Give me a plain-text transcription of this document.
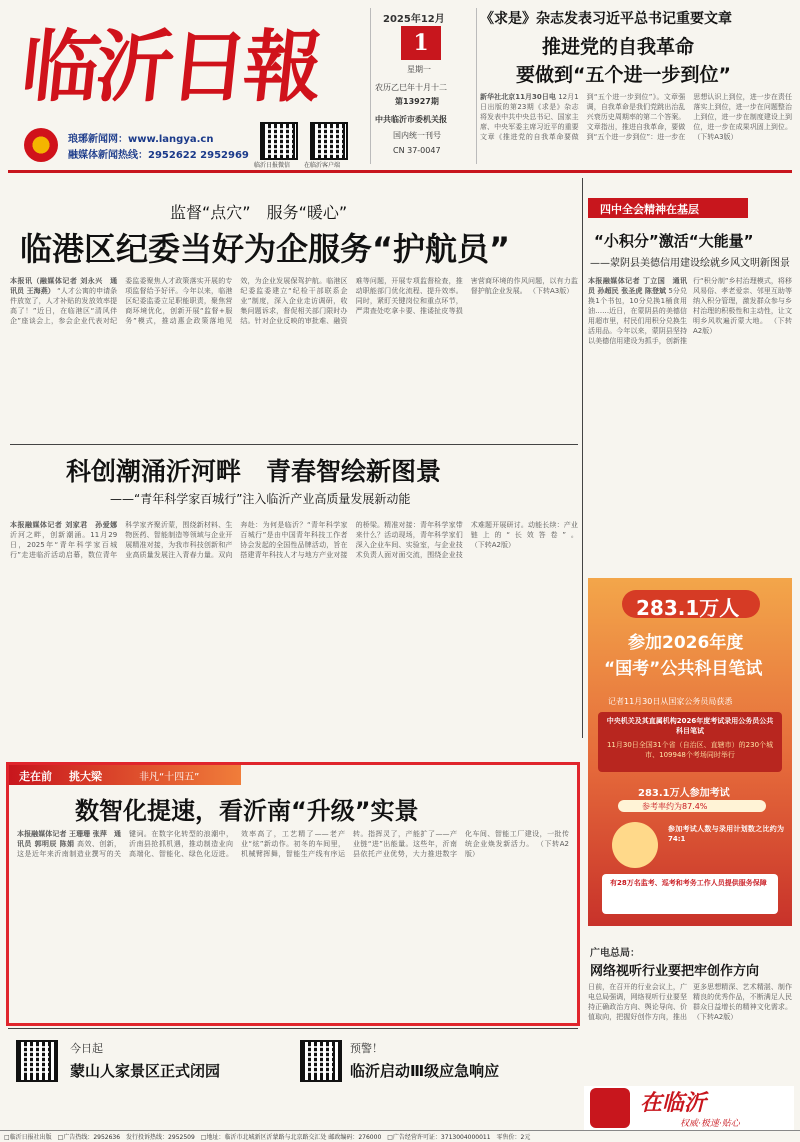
临沂日報
琅琊新闻网：www.langya.cn
融媒体新闻热线：2952622 2952969
临沂日报微信 在临沂客户端
2025年12月
1
星期一
农历乙巳年十月十二
第13927期
中共临沂市委机关报
国内统一刊号
CN 37-0047
《求是》杂志发表习近平总书记重要文章
推进党的自我革命
要做到“五个进一步到位”
新华社北京11月30日电 12月1日出版的第23期《求是》杂志将发表中共中央总书记、国家主席、中央军委主席习近平的重要文章《推进党的自我革命要做到“五个进一步到位”》。文章强调，自我革命是我们党跳出治乱兴衰历史周期率的第二个答案。文章指出，推进自我革命，要做到“五个进一步到位”：进一步在思想认识上到位，进一步在责任落实上到位，进一步在问题整治上到位，进一步在制度建设上到位，进一步在成果巩固上到位。 （下转A3版）
监督“点穴”　服务“暖心”
临港区纪委当好为企服务“护航员”
本报讯（融媒体记者 刘永兴　通讯员 王海燕） “人才公寓的申请条件放宽了，人才补贴的发放效率提高了！”近日，在临港区“清风伴企”座谈会上，参会企业代表对纪委监委聚焦人才政策落实开展的专项监督给予好评。今年以来，临港区纪委监委立足职能职责，聚焦营商环境优化，创新开展“监督+服务”模式，推动惠企政策落地见效，为企业发展保驾护航。临港区纪委监委建立“纪检干部联系企业”制度，深入企业走访调研，收集问题诉求，督促相关部门限时办结。针对企业反映的审批难、融资难等问题，开展专项监督检查，推动职能部门优化流程、提升效率。同时，紧盯关键岗位和重点环节，严肃查处吃拿卡要、推诿扯皮等损害营商环境的作风问题，以有力监督护航企业发展。 （下转A3版）
科创潮涌沂河畔　青春智绘新图景
——“青年科学家百城行”注入临沂产业高质量发展新动能
本报融媒体记者 刘家君　孙爱娜 沂河之畔，创新潮涌。11月29日，2025年“青年科学家百城行”走进临沂活动启幕，数位青年科学家齐聚沂蒙，围绕新材料、生物医药、智能制造等领域与企业开展精准对接，为我市科技创新和产业高质量发展注入青春力量。双向奔赴：为何是临沂？“青年科学家百城行”是由中国青年科技工作者协会发起的全国性品牌活动，旨在搭建青年科技人才与地方产业对接的桥梁。精准对接：青年科学家带来什么？活动现场，青年科学家们深入企业车间、实验室，与企业技术负责人面对面交流，围绕企业技术难题开展研讨。动能长续：产业链上的“长效答卷”。 （下转A2版）
四中全会精神在基层
“小积分”激活“大能量”
——蒙阴县美德信用建设绘就乡风文明新图景
本报融媒体记者 丁立国　通讯员 孙超民 张圣虎 陈登斌 5分兑换1个书包，10分兑换1桶食用油……近日，在蒙阴县的美德信用超市里，村民们用积分兑换生活用品。今年以来，蒙阴县坚持以美德信用建设为抓手，创新推行“积分制”乡村治理模式，将移风易俗、孝老爱亲、邻里互助等纳入积分管理，激发群众参与乡村治理的积极性和主动性，让文明乡风吹遍沂蒙大地。 （下转A2版）
283.1万人
参加2026年度
“国考”公共科目笔试
记者11月30日从国家公务员局获悉
中央机关及其直属机构2026年度考试录用公务员公共科目笔试
11月30日全国31个省（自治区、直辖市）的230个城市、109948个考场同时举行
283.1万人参加考试
参考率约为87.4%
参加考试人数与录用计划数之比约为74:1
有28万名监考、巡考和考务工作人员提供服务保障
走在前 挑大梁	非凡“十四五”
数智化提速，看沂南“升级”实景
本报融媒体记者 王珊珊 张萍　通讯员 郭明辰 陈娟 高效、创新，这是近年来沂南制造业撰写的关键词。在数字化转型的浪潮中，沂南县抢抓机遇，推动制造业向高端化、智能化、绿色化迈进。效率高了，工艺精了——老产业“炫”新动作。初冬的车间里，机械臂挥舞，智能生产线有序运转。指挥灵了，产能扩了——产业链“进”出能量。这些年，沂南县依托产业优势，大力推进数字化车间、智能工厂建设，一批传统企业焕发新活力。 （下转A2版）
广电总局：
网络视听行业要把牢创作方向
日前，在召开的行业会议上，广电总局强调，网络视听行业要坚持正确政治方向、舆论导向、价值取向，把握好创作方向，推出更多思想精深、艺术精湛、制作精良的优秀作品，不断满足人民群众日益增长的精神文化需求。 （下转A2版）
今日起
蒙山人家景区正式闭园
预警！
临沂启动Ⅲ级应急响应
在临沂
权威·极速·贴心
□临沂日报社出版　□广告热线：2952636　发行投诉热线：2952509　□地址：临沂市北城新区沂蒙路与北京路交汇处 邮政编码：276000　□广告经营许可证：3713004000011　零售价：2元
